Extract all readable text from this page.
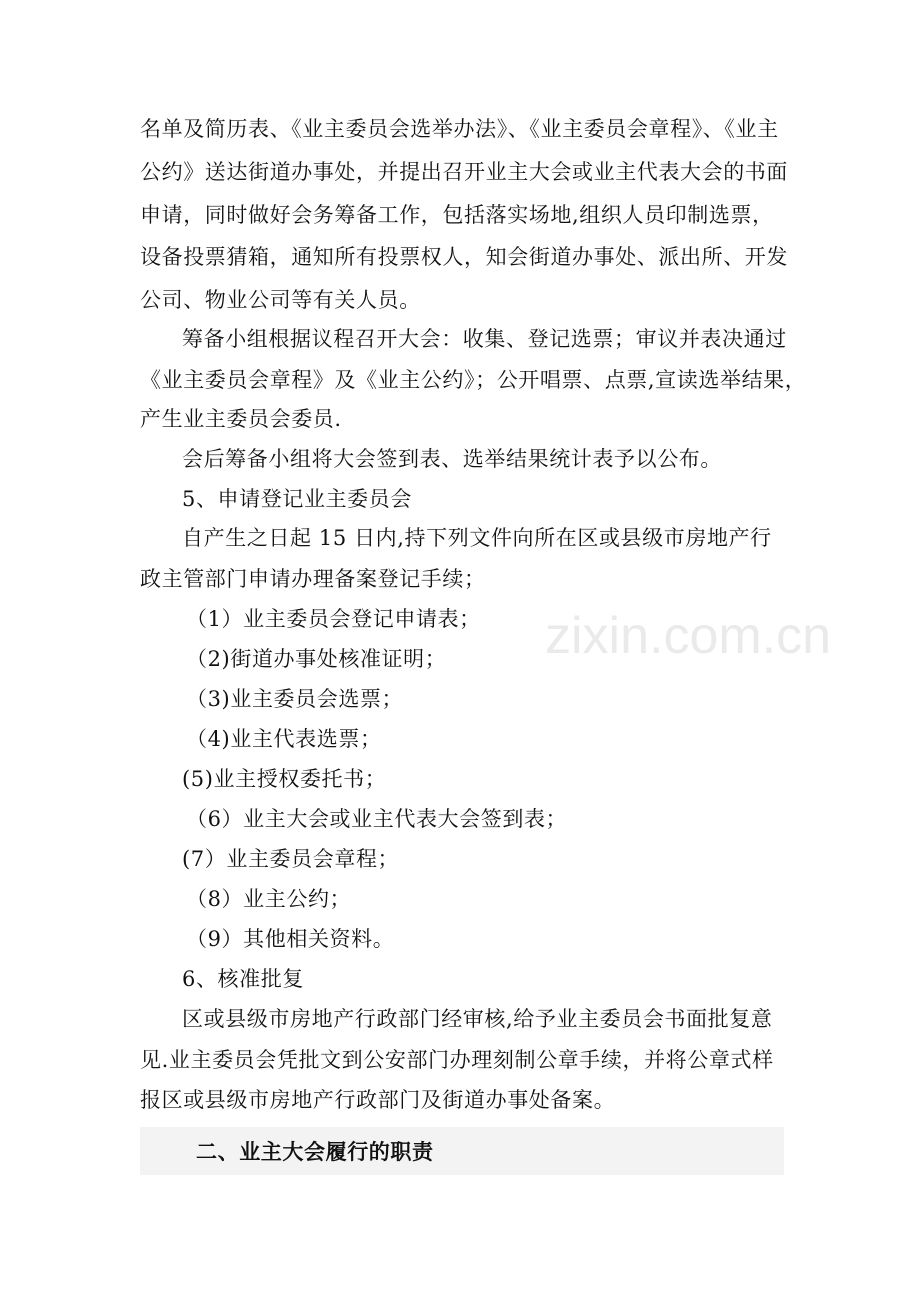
zixin.com.cn
名单及简历表、《业主委员会选举办法》、《业主委员会章程》、《业主
公约》送达街道办事处，并提出召开业主大会或业主代表大会的书面
申请，同时做好会务筹备工作，包括落实场地,组织人员印制选票，
设备投票猜箱，通知所有投票权人，知会街道办事处、派出所、开发
公司、物业公司等有关人员。
筹备小组根据议程召开大会：收集、登记选票；审议并表决通过
《业主委员会章程》及《业主公约》；公开唱票、点票,宣读选举结果，
产生业主委员会委员.
会后筹备小组将大会签到表、选举结果统计表予以公布。
5、申请登记业主委员会
自产生之日起 15 日内,持下列文件向所在区或县级市房地产行
政主管部门申请办理备案登记手续；
（1）业主委员会登记申请表；
（2)街道办事处核准证明；
（3)业主委员会选票；
（4)业主代表选票；
(5)业主授权委托书；
（6）业主大会或业主代表大会签到表；
(7）业主委员会章程；
（8）业主公约；
（9）其他相关资料。
6、核准批复
区或县级市房地产行政部门经审核,给予业主委员会书面批复意
见.业主委员会凭批文到公安部门办理刻制公章手续，并将公章式样
报区或县级市房地产行政部门及街道办事处备案。
二、业主大会履行的职责
